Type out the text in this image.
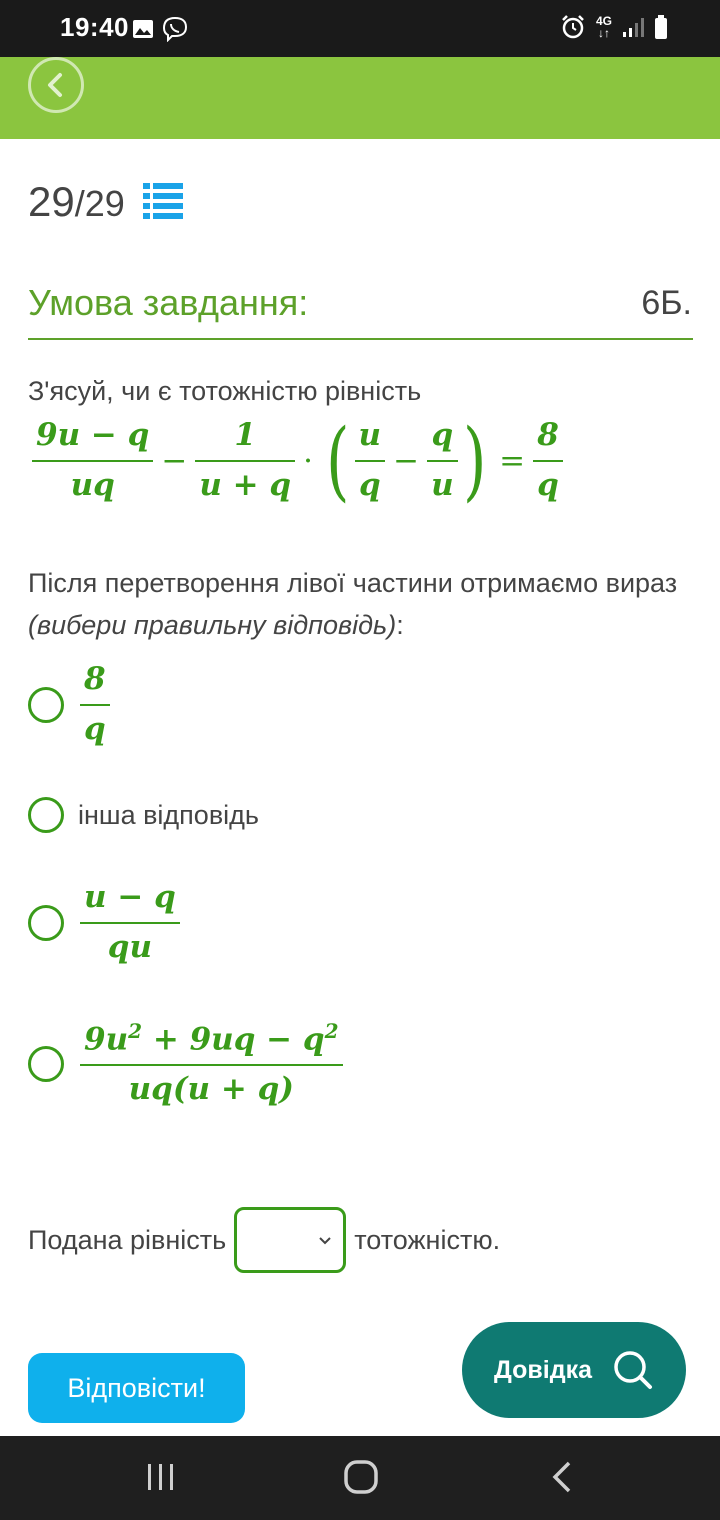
19:40	4G
↓↑
29 / 29
Умова завдання:	6Б.
З'ясуй, чи є тотожністю рівність
$\frac{9u - q}{uq} - \frac{1}{u + q}$ · ( $\frac{u}{q} - \frac{q}{u}$ ) = $\frac{8}{q}$
Після перетворення лівої частини отримаємо вираз (вибери правильну відповідь):
$\frac{8}{q}$
інша відповідь
$\frac{u - q}{qu}$
$\frac{9u^2 + 9uq - q^2}{uq(u + q)}$
Подана рівність	тотожністю.
Відповісти!
Довідка
